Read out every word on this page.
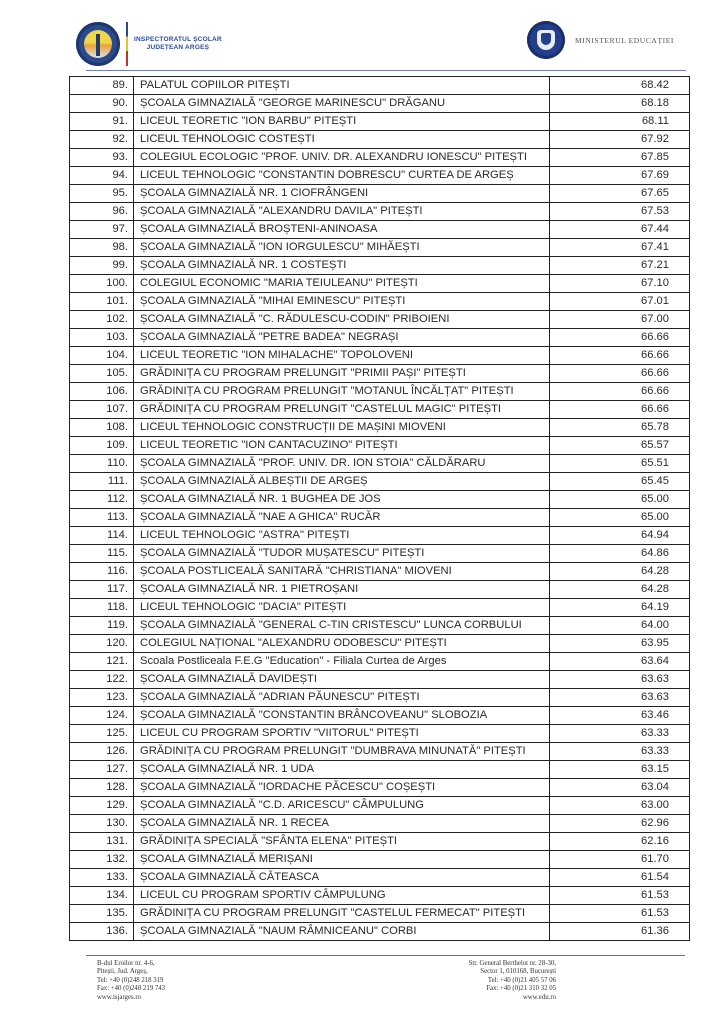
INSPECTORATUL ȘCOLAR
JUDEȚEAN ARGEȘ
MINISTERUL EDUCAȚIEI
89.	PALATUL COPIILOR PITEȘTI	68.42
90.	ȘCOALA GIMNAZIALĂ "GEORGE MARINESCU" DRĂGANU	68.18
91.	LICEUL TEORETIC "ION BARBU" PITEȘTI	68.11
92.	LICEUL TEHNOLOGIC COSTEȘTI	67.92
93.	COLEGIUL ECOLOGIC "PROF. UNIV. DR. ALEXANDRU IONESCU" PITEȘTI	67.85
94.	LICEUL TEHNOLOGIC "CONSTANTIN DOBRESCU" CURTEA DE ARGEȘ	67.69
95.	ȘCOALA GIMNAZIALĂ NR. 1 CIOFRÂNGENI	67.65
96.	ȘCOALA GIMNAZIALĂ "ALEXANDRU DAVILA" PITEȘTI	67.53
97.	ȘCOALA GIMNAZIALĂ BROȘTENI-ANINOASA	67.44
98.	ȘCOALA GIMNAZIALĂ "ION IORGULESCU" MIHĂEȘTI	67.41
99.	ȘCOALA GIMNAZIALĂ NR. 1 COSTEȘTI	67.21
100.	COLEGIUL ECONOMIC "MARIA TEIULEANU" PITEȘTI	67.10
101.	ȘCOALA GIMNAZIALĂ "MIHAI EMINESCU" PITEȘTI	67.01
102.	ȘCOALA GIMNAZIALĂ "C. RĂDULESCU-CODIN" PRIBOIENI	67.00
103.	ȘCOALA GIMNAZIALĂ "PETRE BADEA" NEGRAȘI	66.66
104.	LICEUL TEORETIC "ION MIHALACHE" TOPOLOVENI	66.66
105.	GRĂDINIȚA CU PROGRAM PRELUNGIT "PRIMII PAȘI" PITEȘTI	66.66
106.	GRĂDINIȚA CU PROGRAM PRELUNGIT "MOTANUL ÎNCĂLȚAT" PITEȘTI	66.66
107.	GRĂDINIȚA CU PROGRAM PRELUNGIT "CASTELUL MAGIC" PITEȘTI	66.66
108.	LICEUL TEHNOLOGIC CONSTRUCȚII DE MAȘINI MIOVENI	65.78
109.	LICEUL TEORETIC "ION CANTACUZINO" PITEȘTI	65.57
110.	ȘCOALA GIMNAZIALĂ "PROF. UNIV. DR. ION STOIA" CĂLDĂRARU	65.51
111.	ȘCOALA GIMNAZIALĂ ALBEȘTII DE ARGEȘ	65.45
112.	ȘCOALA GIMNAZIALĂ NR. 1 BUGHEA DE JOS	65.00
113.	ȘCOALA GIMNAZIALĂ "NAE A GHICA" RUCĂR	65.00
114.	LICEUL TEHNOLOGIC "ASTRA" PITEȘTI	64.94
115.	ȘCOALA GIMNAZIALĂ "TUDOR MUȘATESCU" PITEȘTI	64.86
116.	ȘCOALA POSTLICEALĂ SANITARĂ "CHRISTIANA" MIOVENI	64.28
117.	ȘCOALA GIMNAZIALĂ NR. 1 PIETROȘANI	64.28
118.	LICEUL TEHNOLOGIC "DACIA" PITEȘTI	64.19
119.	ȘCOALA GIMNAZIALĂ "GENERAL C-TIN CRISTESCU" LUNCA CORBULUI	64.00
120.	COLEGIUL NAȚIONAL "ALEXANDRU ODOBESCU" PITEȘTI	63.95
121.	Scoala Postliceala F.E.G "Education" - Filiala Curtea de Arges	63.64
122.	ȘCOALA GIMNAZIALĂ DAVIDEȘTI	63.63
123.	ȘCOALA GIMNAZIALĂ "ADRIAN PĂUNESCU" PITEȘTI	63.63
124.	ȘCOALA GIMNAZIALĂ "CONSTANTIN BRÂNCOVEANU" SLOBOZIA	63.46
125.	LICEUL CU PROGRAM SPORTIV "VIITORUL" PITEȘTI	63.33
126.	GRĂDINIȚA CU PROGRAM PRELUNGIT "DUMBRAVA MINUNATĂ" PITEȘTI	63.33
127.	ȘCOALA GIMNAZIALĂ NR. 1 UDA	63.15
128.	ȘCOALA GIMNAZIALĂ "IORDACHE PĂCESCU" COȘEȘTI	63.04
129.	ȘCOALA GIMNAZIALĂ "C.D. ARICESCU" CÂMPULUNG	63.00
130.	ȘCOALA GIMNAZIALĂ NR. 1 RECEA	62.96
131.	GRĂDINIȚA SPECIALĂ "SFÂNTA ELENA" PITEȘTI	62.16
132.	ȘCOALA GIMNAZIALĂ MERIȘANI	61.70
133.	ȘCOALA GIMNAZIALĂ CĂTEASCA	61.54
134.	LICEUL CU PROGRAM SPORTIV CÂMPULUNG	61.53
135.	GRĂDINIȚA CU PROGRAM PRELUNGIT "CASTELUL FERMECAT" PITEȘTI	61.53
136.	ȘCOALA GIMNAZIALĂ "NAUM RÂMNICEANU" CORBI	61.36
B-dul Eroilor nr. 4-6,
Pitești, Jud. Argeș,
Tel: +40 (0)248 218 319
Fax: +40 (0)248 219 743
www.isjarges.ro
Str. General Berthelot nr. 28-30,
Sector 1, 010168, București
Tel: +40 (0)21 405 57 06
Fax: +40 (0)21 310 32 05
www.edu.ro
